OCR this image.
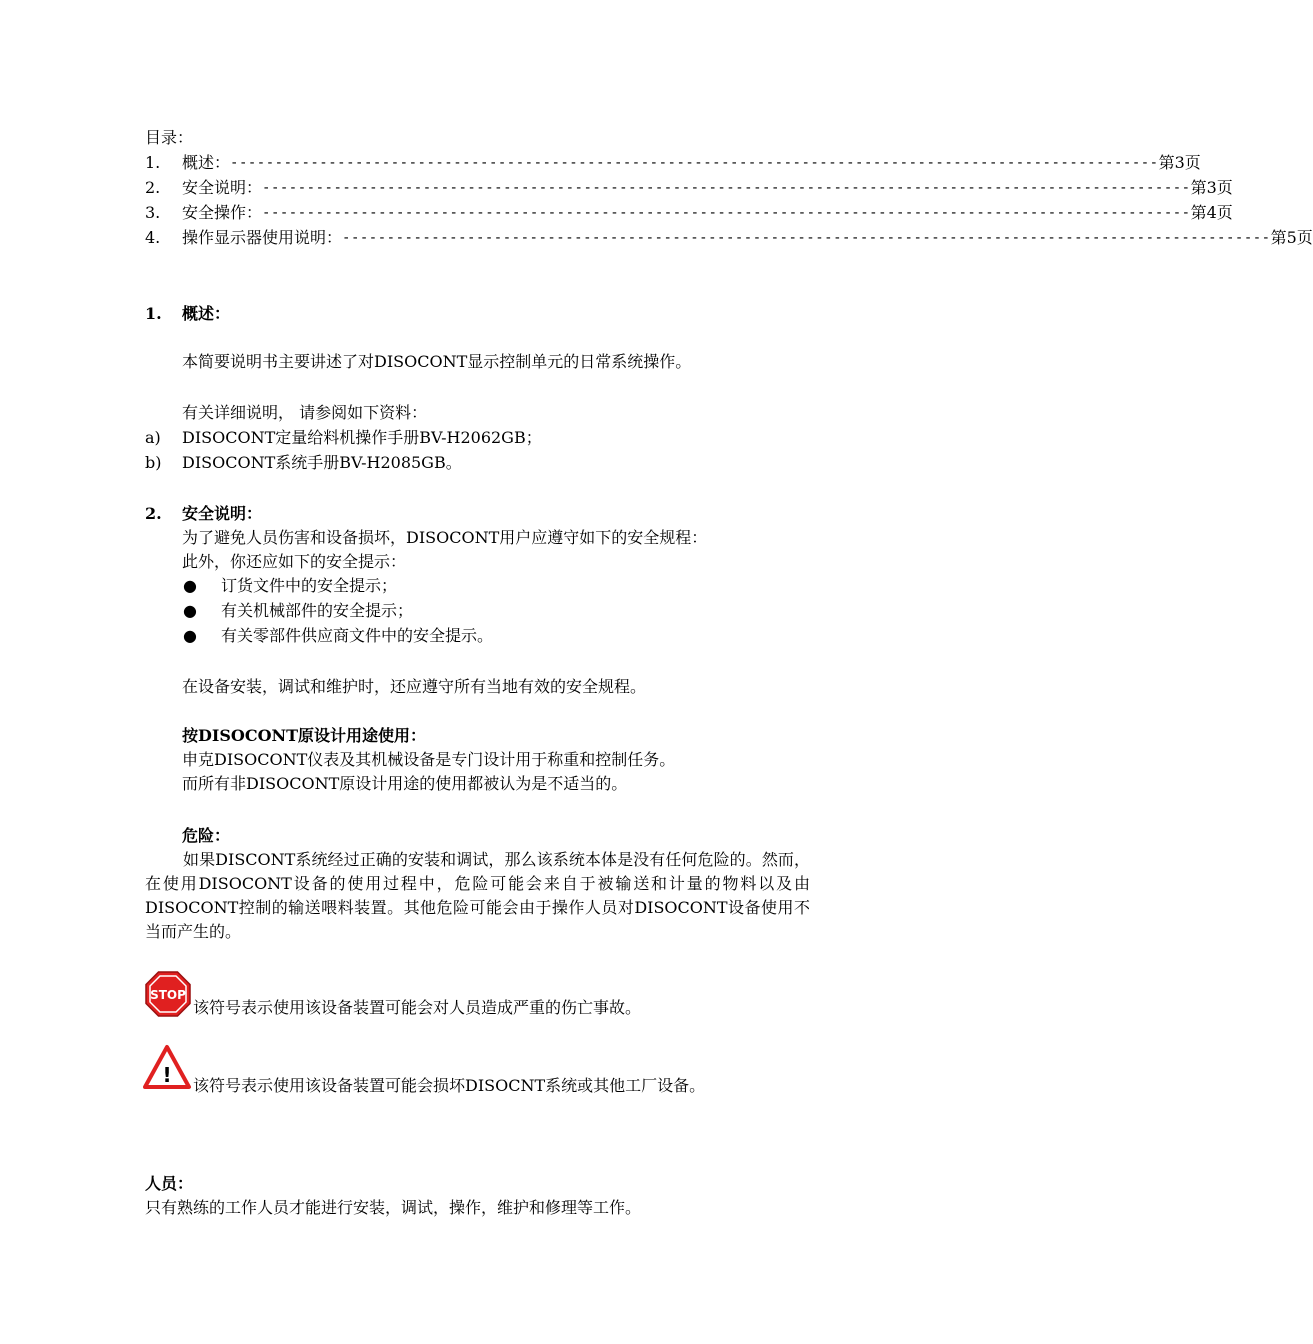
目录：
1. 概述： -------------------------------------------------------------------------------------------------------- 第3页
2. 安全说明： -------------------------------------------------------------------------------------------------------- 第3页
3. 安全操作： -------------------------------------------------------------------------------------------------------- 第4页
4. 操作显示器使用说明： -------------------------------------------------------------------------------------------------------- 第5页
1. 概述：
本简要说明书主要讲述了对DISOCONT显示控制单元的日常系统操作。
有关详细说明， 请参阅如下资料：
a) DISOCONT定量给料机操作手册BV-H2062GB；
b) DISOCONT系统手册BV-H2085GB。
2. 安全说明：
为了避免人员伤害和设备损坏，DISOCONT用户应遵守如下的安全规程：
此外，你还应如下的安全提示：
● 订货文件中的安全提示；
● 有关机械部件的安全提示；
● 有关零部件供应商文件中的安全提示。
在设备安装，调试和维护时，还应遵守所有当地有效的安全规程。
按DISOCONT原设计用途使用：
申克DISOCONT仪表及其机械设备是专门设计用于称重和控制任务。
而所有非DISOCONT原设计用途的使用都被认为是不适当的。
危险：
如果DISCONT系统经过正确的安装和调试，那么该系统本体是没有任何危险的。然而，在使用DISOCONT设备的使用过程中，危险可能会来自于被输送和计量的物料以及由DISOCONT控制的输送喂料装置。其他危险可能会由于操作人员对DISOCONT设备使用不当而产生的。
STOP
该符号表示使用该设备装置可能会对人员造成严重的伤亡事故。
! 该符号表示使用该设备装置可能会损坏DISOCNT系统或其他工厂设备。
人员：
只有熟练的工作人员才能进行安装，调试，操作，维护和修理等工作。
